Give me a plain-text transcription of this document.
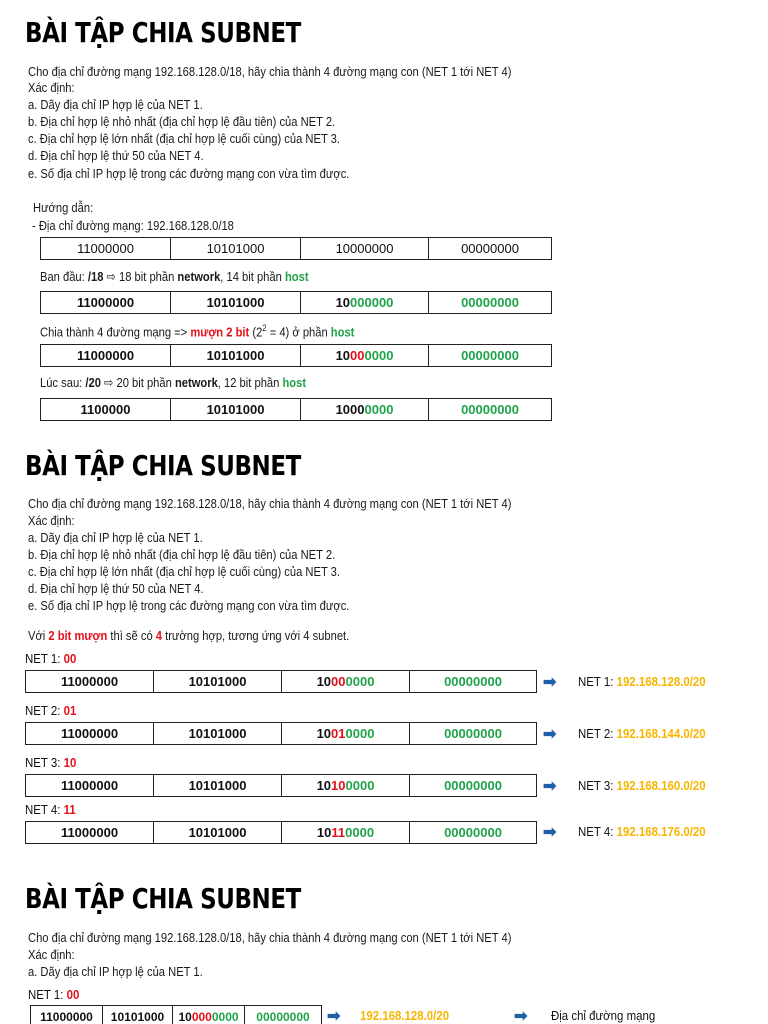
BÀI TẬP CHIA SUBNET
Cho địa chỉ đường mạng 192.168.128.0/18, hãy chia thành 4 đường mạng con (NET 1 tới NET 4)
Xác định:
a. Dãy địa chỉ IP hợp lệ của NET 1.
b. Địa chỉ hợp lệ nhỏ nhất (địa chỉ hợp lệ đầu tiên) của NET 2.
c. Địa chỉ hợp lệ lớn nhất (địa chỉ hợp lệ cuối cùng) của NET 3.
d. Địa chỉ hợp lệ thứ 50 của NET 4.
e. Số địa chỉ IP hợp lệ trong các đường mạng con vừa tìm được.
Hướng dẫn:
- Địa chỉ đường mạng: 192.168.128.0/18
11000000	10101000	10000000	00000000
Ban đầu: /18 ⇨ 18 bit phần network, 14 bit phần host
11000000	10101000	10000000	00000000
Chia thành 4 đường mạng => mượn 2 bit $(2^2 = 4)$ ở phần host
11000000	10101000	10000000	00000000
Lúc sau: /20 ⇨ 20 bit phần network, 12 bit phần host
1100000	10101000	10000000	00000000
BÀI TẬP CHIA SUBNET
Cho địa chỉ đường mạng 192.168.128.0/18, hãy chia thành 4 đường mạng con (NET 1 tới NET 4)
Xác định:
a. Dãy địa chỉ IP hợp lệ của NET 1.
b. Địa chỉ hợp lệ nhỏ nhất (địa chỉ hợp lệ đầu tiên) của NET 2.
c. Địa chỉ hợp lệ lớn nhất (địa chỉ hợp lệ cuối cùng) của NET 3.
d. Địa chỉ hợp lệ thứ 50 của NET 4.
e. Số địa chỉ IP hợp lệ trong các đường mạng con vừa tìm được.
Với 2 bit mượn thì sẽ có 4 trường hợp, tương ứng với 4 subnet.
NET 1: 00
11000000	10101000	10000000	00000000	➡ NET 1: 192.168.128.0/20
NET 2: 01
11000000	10101000	10010000	00000000	➡ NET 2: 192.168.144.0/20
NET 3: 10
11000000	10101000	10100000	00000000	➡ NET 3: 192.168.160.0/20
NET 4: 11
11000000	10101000	10110000	00000000	➡ NET 4: 192.168.176.0/20
BÀI TẬP CHIA SUBNET
Cho địa chỉ đường mạng 192.168.128.0/18, hãy chia thành 4 đường mạng con (NET 1 tới NET 4)
Xác định:
a. Dãy địa chỉ IP hợp lệ của NET 1.
NET 1: 00
11000000	10101000	100000000	00000000 ➡ 192.168.128.0/20	➡ Địa chỉ đường mạng
